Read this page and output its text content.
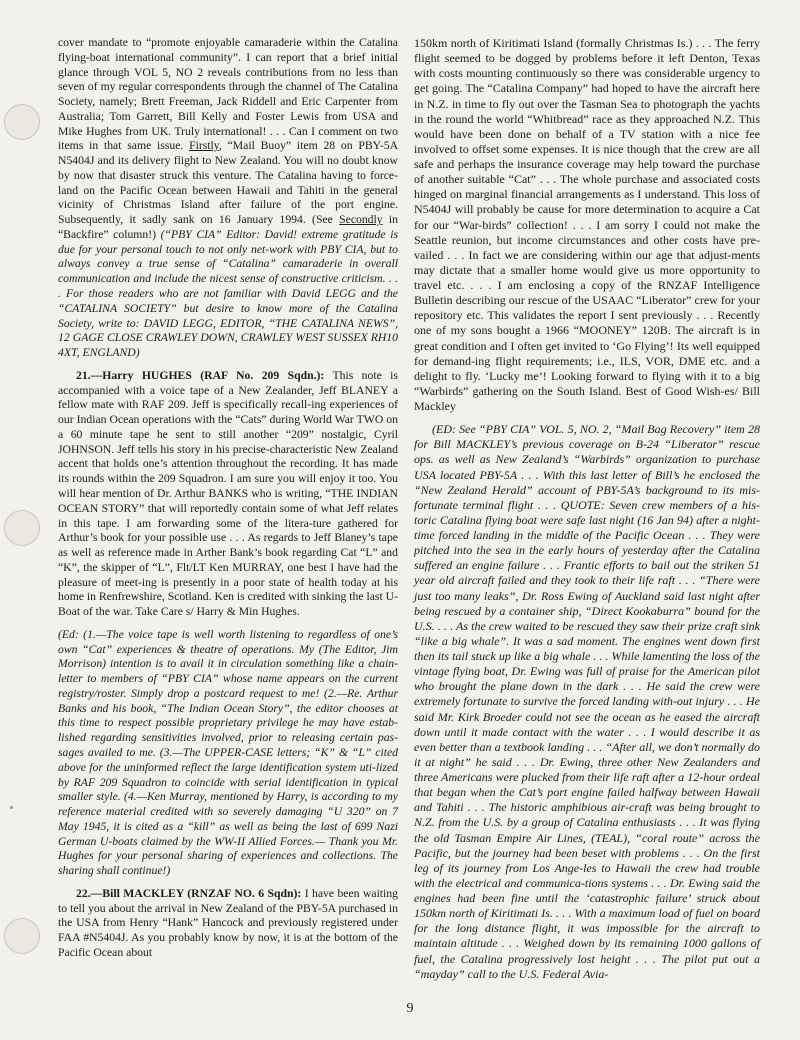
cover mandate to “promote enjoyable camaraderie within the Catalina flying-boat international community”. I can report that a brief initial glance through VOL 5, NO 2 reveals contributions from no less than seven of my regular correspondents through the channel of The Catalina Society, namely; Brett Freeman, Jack Riddell and Eric Carpenter from Australia; Tom Garrett, Bill Kelly and Foster Lewis from USA and Mike Hughes from UK. Truly international! . . . Can I comment on two items in that same issue. Firstly, “Mail Buoy” item 28 on PBY-5A N5404J and its delivery flight to New Zealand. You will no doubt know by now that disaster struck this venture. The Catalina having to force-land on the Pacific Ocean between Hawaii and Tahiti in the general vicinity of Christmas Island after failure of the port engine. Subsequently, it sadly sank on 16 January 1994. (See Secondly in “Backfire” column!) (“PBY CIA” Editor: David! extreme gratitude is due for your personal touch to not only net-work with PBY CIA, but to always convey a true sense of “Catalina” camaraderie in overall communication and include the nicest sense of constructive criticism. . . . For those readers who are not familiar with David LEGG and the “CATALINA SOCIETY” but desire to know more of the Catalina Society, write to: DAVID LEGG, EDITOR, “THE CATALINA NEWS”, 12 GAGE CLOSE CRAWLEY DOWN, CRAWLEY WEST SUSSEX RH10 4XT, ENGLAND)

21.—Harry HUGHES (RAF No. 209 Sqdn.): This note is accompanied with a voice tape of a New Zealander, Jeff BLANEY a fellow mate with RAF 209. Jeff is specifically recall-ing experiences of our Indian Ocean operations with the “Cats” during World War TWO on a 60 minute tape he sent to still another “209” nostalgic, Cyril JOHNSON. Jeff tells his story in his precise-characteristic New Zealand accent that holds one’s attention throughout the recording. It has made its rounds within the 209 Squadron. I am sure you will enjoy it too. You will hear mention of Dr. Arthur BANKS who is writing, “THE INDIAN OCEAN STORY” that will reportedly contain some of what Jeff relates in this tape. I am forwarding some of the litera-ture gathered for Arthur’s book for your possible use . . . As regards to Jeff Blaney’s tape as well as reference made in Arther Bank’s book regarding Cat “L” and “K”, the skipper of “L”, Flt/LT Ken MURRAY, one best I have had the pleasure of meet-ing is presently in a poor state of health today at his home in Renfrewshire, Scotland. Ken is credited with sinking the last U-Boat of the war. Take Care s/ Harry & Min Hughes.

(Ed: (1.—The voice tape is well worth listening to regardless of one’s own “Cat” experiences & theatre of operations. My (The Editor, Jim Morrison) intention is to avail it in circulation something like a chain-letter to members of “PBY CIA” whose name appears on the current registry/roster. Simply drop a postcard request to me! (2.—Re. Arthur Banks and his book, “The Indian Ocean Story”, the editor chooses at this time to respect possible proprietary privilege he may have estab-lished regarding sensitivities involved, prior to releasing certain pas-sages availed to me. (3.—The UPPER-CASE letters; “K” & “L” cited above for the uninformed reflect the large identification system uti-lized by RAF 209 Squadron to coincide with serial identification in typical smaller style. (4.—Ken Murray, mentioned by Harry, is according to my reference material credited with so severely damaging “U 320” on 7 May 1945, it is cited as a “kill” as well as being the last of 699 Nazi German U-boats claimed by the WW-II Allied Forces.— Thank you Mr. Hughes for your personal sharing of experiences and collections. The sharing shall continue!)

22.—Bill MACKLEY (RNZAF NO. 6 Sqdn): I have been waiting to tell you about the arrival in New Zealand of the PBY-5A purchased in the USA from Henry “Hank” Hancock and previously registered under FAA #N5404J. As you probably know by now, it is at the bottom of the Pacific Ocean about

150km north of Kiritimati Island (formally Christmas Is.) . . . The ferry flight seemed to be dogged by problems before it left Denton, Texas with costs mounting continuously so there was considerable urgency to get going. The “Catalina Company” had hoped to have the aircraft here in N.Z. in time to fly out over the Tasman Sea to photograph the yachts in the round the world “Whitbread” race as they approached N.Z. This would have been done on behalf of a TV station with a nice fee involved to offset some expenses. It is nice though that the crew are all safe and perhaps the insurance coverage may help toward the purchase of another suitable “Cat” . . . The whole purchase and associated costs hinged on marginal financial arrangements as I understand. This loss of N5404J will probably be cause for more determination to acquire a Cat for our “War-birds” collection! . . . I am sorry I could not make the Seattle reunion, but income circumstances and other costs have pre-vailed . . . In fact we are considering within our age that adjust-ments may dictate that a smaller home would give us more opportunity to travel etc. . . . I am enclosing a copy of the RNZAF Intelligence Bulletin describing our rescue of the USAAC “Liberator” crew for your repository etc. This validates the report I sent previously . . . Recently one of my sons bought a 1966 “MOONEY” 120B. The aircraft is in great condition and I often get invited to ‘Go Flying’! Its well equipped for demand-ing flight requirements; i.e., ILS, VOR, DME etc. and a delight to fly. ‘Lucky me’! Looking forward to flying with it to a big “Warbirds” gathering on the South Island. Best of Good Wish-es/ Bill Mackley

(ED: See “PBY CIA” VOL. 5, NO. 2, “Mail Bag Recovery” item 28 for Bill MACKLEY’s previous coverage on B-24 “Liberator” rescue ops. as well as New Zealand’s “Warbirds” organization to purchase USA located PBY-5A . . . With this last letter of Bill’s he enclosed the “New Zealand Herald” account of PBY-5A’s background to its mis-fortunate terminal flight . . . QUOTE: Seven crew members of a his-toric Catalina flying boat were safe last night (16 Jan 94) after a night-time forced landing in the middle of the Pacific Ocean . . . They were pitched into the sea in the early hours of yesterday after the Catalina suffered an engine failure . . . Frantic efforts to bail out the striken 51 year old aircraft failed and they took to their life raft . . . “There were just too many leaks”, Dr. Ross Ewing of Auckland said last night after being rescued by a container ship, “Direct Kookaburra” bound for the U.S. . . . As the crew waited to be rescued they saw their prize craft sink “like a big whale”. It was a sad moment. The engines went down first then its tail stuck up like a big whale . . . While lamenting the loss of the vintage flying boat, Dr. Ewing was full of praise for the American pilot who brought the plane down in the dark . . . He said the crew were extremely fortunate to survive the forced landing with-out injury . . . He said Mr. Kirk Broeder could not see the ocean as he eased the aircraft down until it made contact with the water . . . I would describe it as even better than a textbook landing . . . “After all, we don’t normally do it at night” he said . . . Dr. Ewing, three other New Zealanders and three Americans were plucked from their life raft after a 12-hour ordeal that began when the Cat’s port engine failed halfway between Hawaii and Tahiti . . . The historic amphibious air-craft was being brought to N.Z. from the U.S. by a group of Catalina enthusiasts . . . It was flying the old Tasman Empire Air Lines, (TEAL), “coral route” across the Pacific, but the journey had been beset with problems . . . On the first leg of its journey from Los Ange-les to Hawaii the crew had trouble with the electrical and communica-tions systems . . . Dr. Ewing said the engines had been fine until the ‘catastrophic failure’ struck about 150km north of Kiritimati Is. . . . With a maximum load of fuel on board for the long distance flight, it was impossible for the aircraft to maintain altitude . . . Weighed down by its remaining 1000 gallons of fuel, the Catalina progressively lost height . . . The pilot put out a “mayday” call to the U.S. Federal Avia-

9
